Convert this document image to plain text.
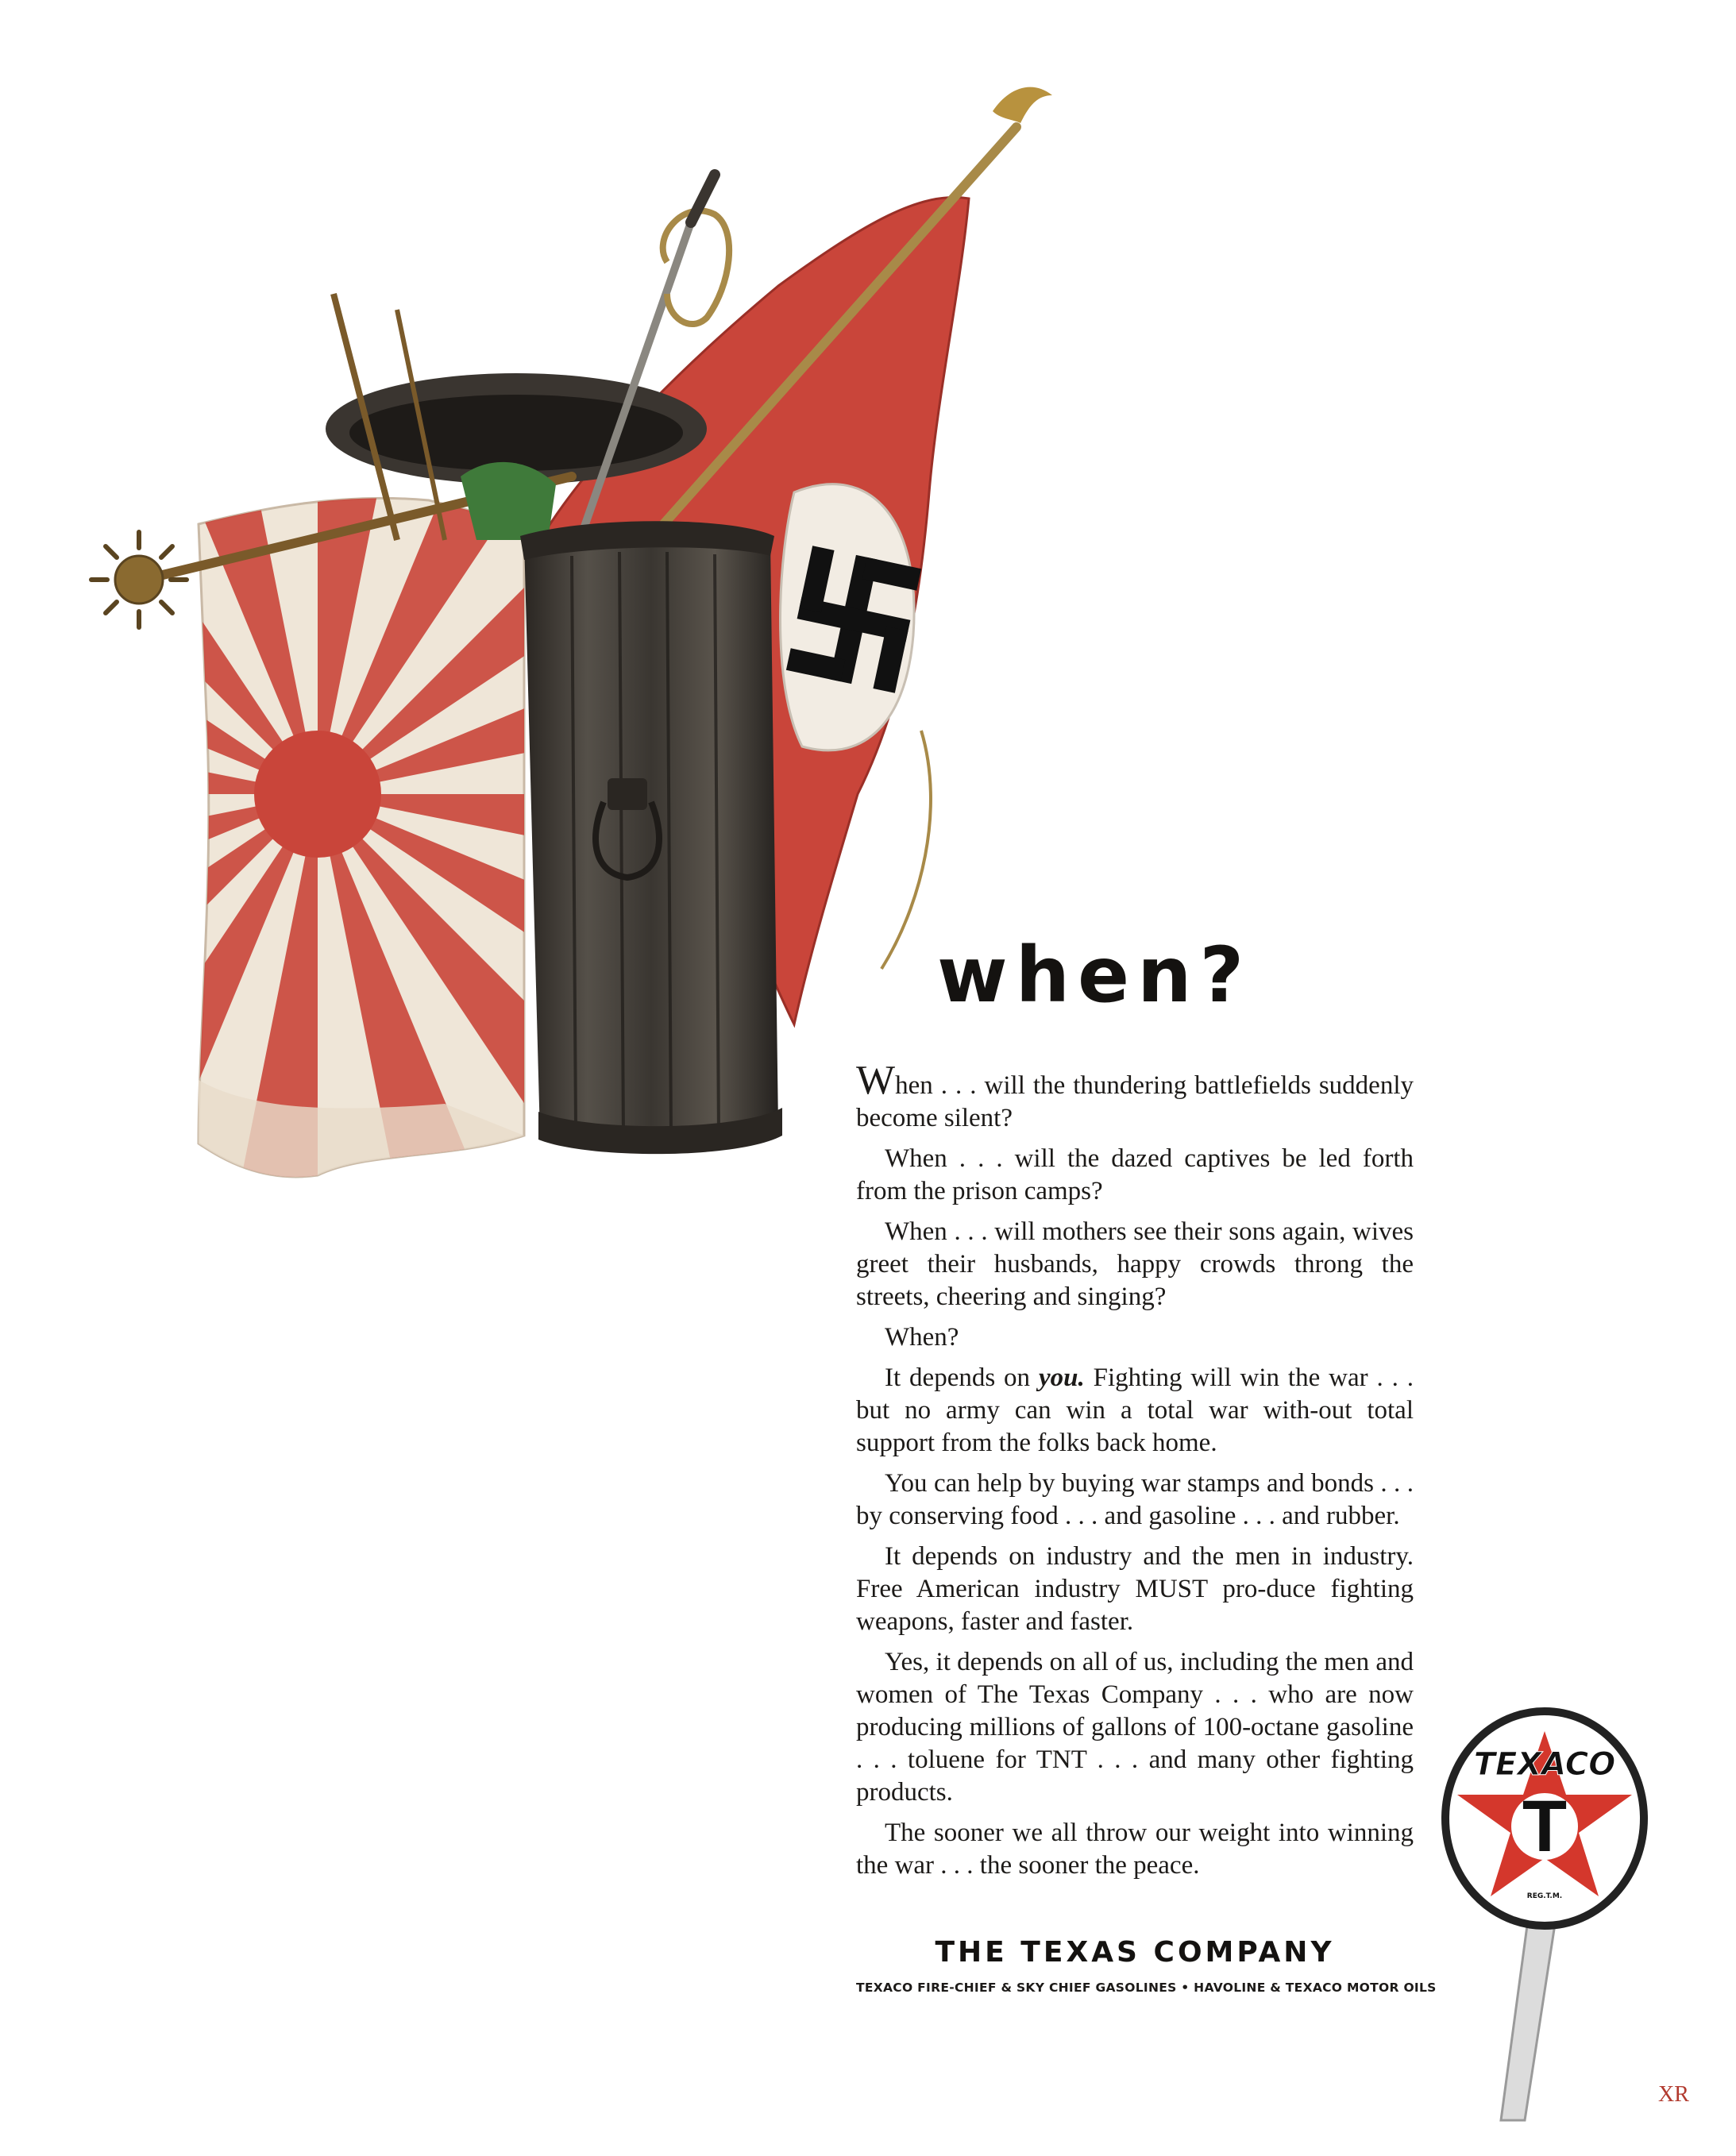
when?

When . . . will the thundering battlefields suddenly become silent?

When . . . will the dazed captives be led forth from the prison camps?

When . . . will mothers see their sons again, wives greet their husbands, happy crowds throng the streets, cheering and singing?

When?

It depends on you. Fighting will win the war . . . but no army can win a total war with-out total support from the folks back home.

You can help by buying war stamps and bonds . . . by conserving food . . . and gasoline . . . and rubber.

It depends on industry and the men in industry. Free American industry MUST pro-duce fighting weapons, faster and faster.

Yes, it depends on all of us, including the men and women of The Texas Company . . . who are now producing millions of gallons of 100-octane gasoline . . . toluene for TNT . . . and many other fighting products.

The sooner we all throw our weight into winning the war . . . the sooner the peace.

THE TEXAS COMPANY
TEXACO FIRE-CHIEF & SKY CHIEF GASOLINES • HAVOLINE & TEXACO MOTOR OILS
T
TEXACO
REG.T.M.
XR
